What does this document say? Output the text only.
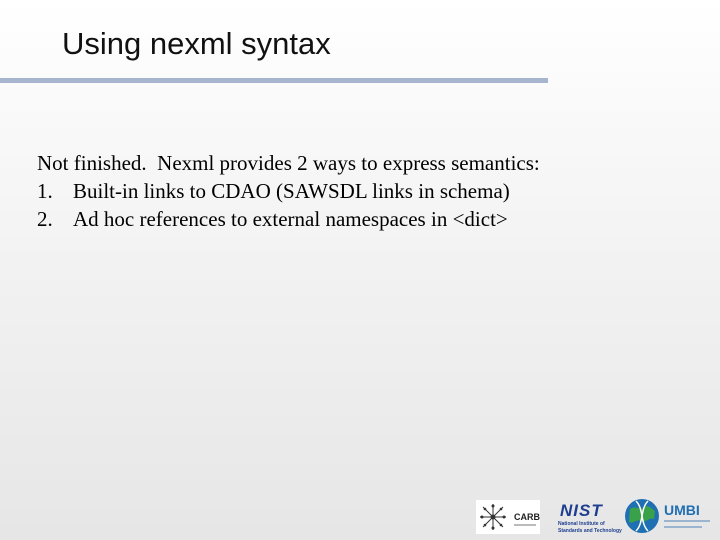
Using nexml syntax
Not finished.  Nexml provides 2 ways to express semantics:
1. Built-in links to CDAO (SAWSDL links in schema)
2. Ad hoc references to external namespaces in <dict>
CARB NIST
National Institute of
Standards and Technology
UMBI
